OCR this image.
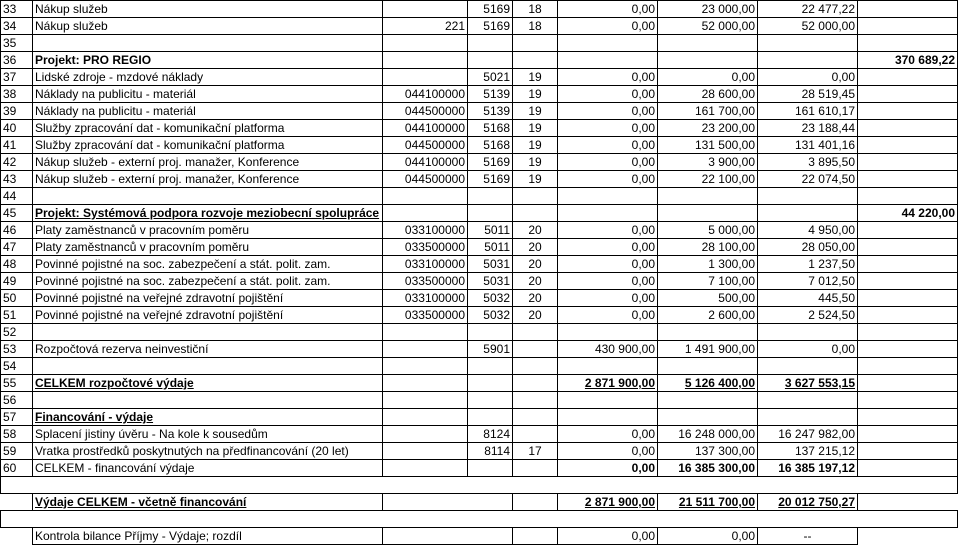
33	Nákup služeb		5169	18	0,00	23 000,00	22 477,22	
34	Nákup služeb	221	5169	18	0,00	52 000,00	52 000,00	
35								
36	Projekt: PRO REGIO							370 689,22
37	Lidské zdroje - mzdové náklady		5021	19	0,00	0,00	0,00	
38	Náklady na publicitu - materiál	044100000	5139	19	0,00	28 600,00	28 519,45	
39	Náklady na publicitu - materiál	044500000	5139	19	0,00	161 700,00	161 610,17	
40	Služby zpracování dat - komunikační platforma	044100000	5168	19	0,00	23 200,00	23 188,44	
41	Služby zpracování dat - komunikační platforma	044500000	5168	19	0,00	131 500,00	131 401,16	
42	Nákup služeb - externí proj. manažer, Konference	044100000	5169	19	0,00	3 900,00	3 895,50	
43	Nákup služeb - externí proj. manažer, Konference	044500000	5169	19	0,00	22 100,00	22 074,50	
44								
45	Projekt: Systémová podpora rozvoje meziobecní spolupráce							44 220,00
46	Platy zaměstnanců v pracovním poměru	033100000	5011	20	0,00	5 000,00	4 950,00	
47	Platy zaměstnanců v pracovním poměru	033500000	5011	20	0,00	28 100,00	28 050,00	
48	Povinné pojistné na soc. zabezpečení a stát. polit. zam.	033100000	5031	20	0,00	1 300,00	1 237,50	
49	Povinné pojistné na soc. zabezpečení a stát. polit. zam.	033500000	5031	20	0,00	7 100,00	7 012,50	
50	Povinné pojistné na veřejné zdravotní pojištění	033100000	5032	20	0,00	500,00	445,50	
51	Povinné pojistné na veřejné zdravotní pojištění	033500000	5032	20	0,00	2 600,00	2 524,50	
52								
53	Rozpočtová rezerva neinvestiční		5901		430 900,00	1 491 900,00	0,00	
54								
55	CELKEM rozpočtové výdaje				2 871 900,00	5 126 400,00	3 627 553,15	
56								
57	Financování - výdaje							
58	Splacení jistiny úvěru - Na kole k sousedům		8124		0,00	16 248 000,00	16 247 982,00	
59	Vratka prostředků poskytnutých na předfinancování (20 let)		8114	17	0,00	137 300,00	137 215,12	
60	CELKEM - financování výdaje				0,00	16 385 300,00	16 385 197,12	

	Výdaje CELKEM - včetně financování				2 871 900,00	21 511 700,00	20 012 750,27	

	Kontrola bilance Příjmy - Výdaje; rozdíl				0,00	0,00	--	
